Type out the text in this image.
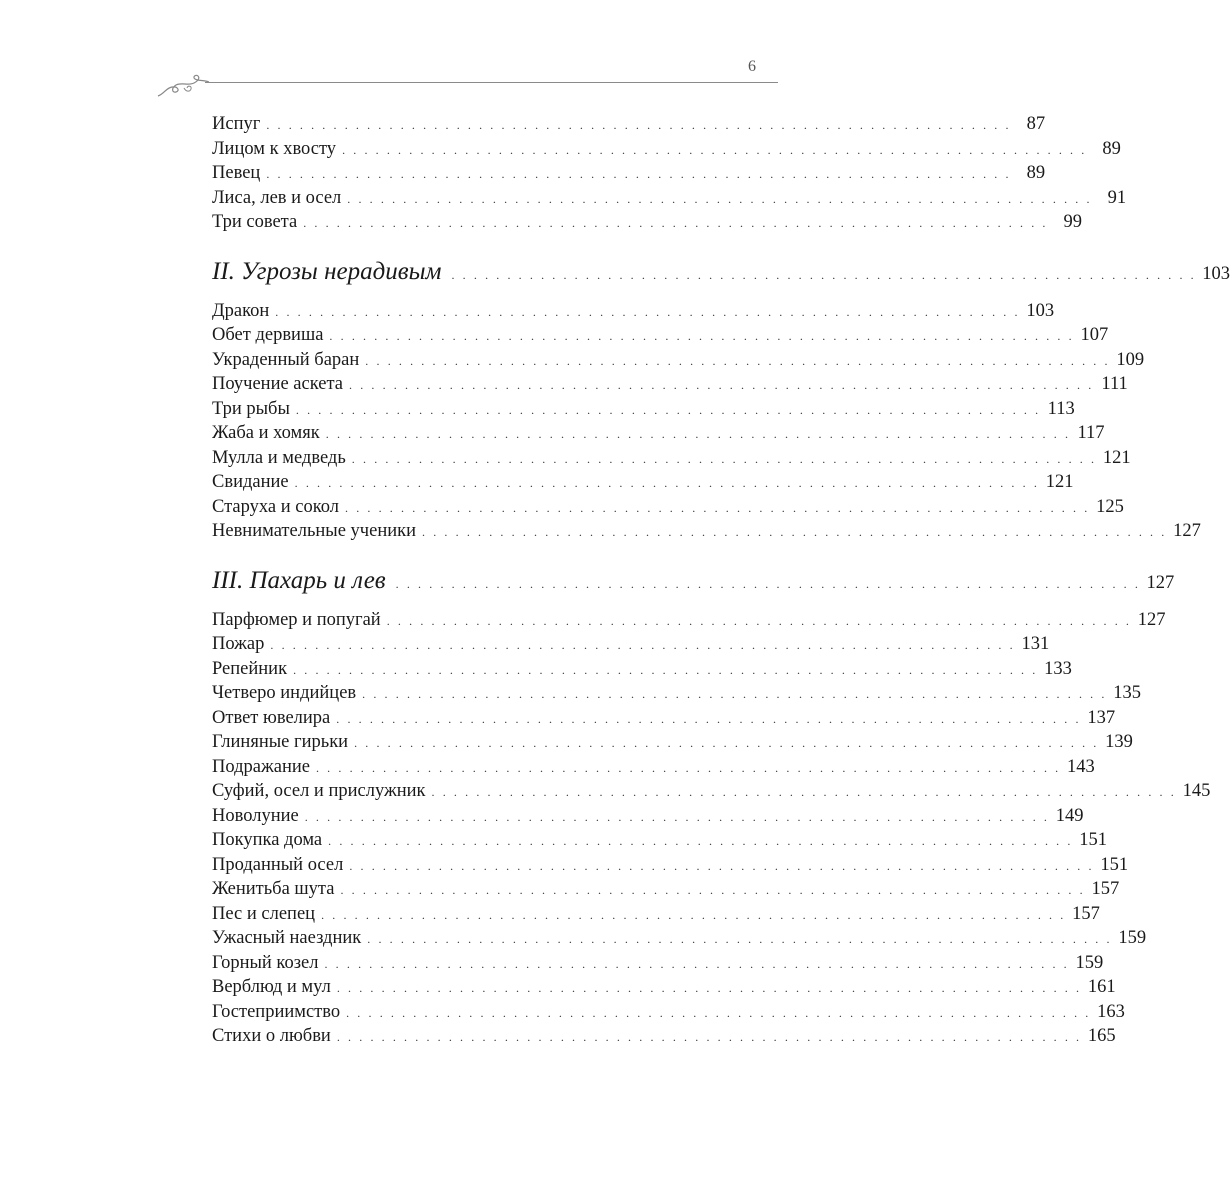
6
Испуг . . . . . . . . . . . . . . . . . . . . . . . . . . . . . . . . . . . . . . . . . . . . . . . . . . . . . . . . . . . . . . . . . . . 87
Лицом к хвосту . . . . . . . . . . . . . . . . . . . . . . . . . . . . . . . . . . . . . . . . . . . . . . . . . . . . . . . . . . . . . . . . . . . 89
Певец . . . . . . . . . . . . . . . . . . . . . . . . . . . . . . . . . . . . . . . . . . . . . . . . . . . . . . . . . . . . . . . . . . . 89
Лиса, лев и осел . . . . . . . . . . . . . . . . . . . . . . . . . . . . . . . . . . . . . . . . . . . . . . . . . . . . . . . . . . . . . . . . . . . 91
Три совета . . . . . . . . . . . . . . . . . . . . . . . . . . . . . . . . . . . . . . . . . . . . . . . . . . . . . . . . . . . . . . . . . . . 99
II. Угрозы нерадивым . . . . . . . . . . . . . . . . . . . . . . . . . . . . . . . . . . . . . . . . . . . . . . . . . . . . . . . . . . . . . . . . . . . 103
Дракон . . . . . . . . . . . . . . . . . . . . . . . . . . . . . . . . . . . . . . . . . . . . . . . . . . . . . . . . . . . . . . . . . . . 103
Обет дервиша . . . . . . . . . . . . . . . . . . . . . . . . . . . . . . . . . . . . . . . . . . . . . . . . . . . . . . . . . . . . . . . . . . . 107
Украденный баран . . . . . . . . . . . . . . . . . . . . . . . . . . . . . . . . . . . . . . . . . . . . . . . . . . . . . . . . . . . . . . . . . . . 109
Поучение аскета . . . . . . . . . . . . . . . . . . . . . . . . . . . . . . . . . . . . . . . . . . . . . . . . . . . . . . . . . . . . . . . . . . . 111
Три рыбы . . . . . . . . . . . . . . . . . . . . . . . . . . . . . . . . . . . . . . . . . . . . . . . . . . . . . . . . . . . . . . . . . . . 113
Жаба и хомяк . . . . . . . . . . . . . . . . . . . . . . . . . . . . . . . . . . . . . . . . . . . . . . . . . . . . . . . . . . . . . . . . . . . 117
Мулла и медведь . . . . . . . . . . . . . . . . . . . . . . . . . . . . . . . . . . . . . . . . . . . . . . . . . . . . . . . . . . . . . . . . . . . 121
Свидание . . . . . . . . . . . . . . . . . . . . . . . . . . . . . . . . . . . . . . . . . . . . . . . . . . . . . . . . . . . . . . . . . . . 121
Старуха и сокол . . . . . . . . . . . . . . . . . . . . . . . . . . . . . . . . . . . . . . . . . . . . . . . . . . . . . . . . . . . . . . . . . . . 125
Невнимательные ученики . . . . . . . . . . . . . . . . . . . . . . . . . . . . . . . . . . . . . . . . . . . . . . . . . . . . . . . . . . . . . . . . . . . 127
III. Пахарь и лев . . . . . . . . . . . . . . . . . . . . . . . . . . . . . . . . . . . . . . . . . . . . . . . . . . . . . . . . . . . . . . . . . . . 127
Парфюмер и попугай . . . . . . . . . . . . . . . . . . . . . . . . . . . . . . . . . . . . . . . . . . . . . . . . . . . . . . . . . . . . . . . . . . . 127
Пожар . . . . . . . . . . . . . . . . . . . . . . . . . . . . . . . . . . . . . . . . . . . . . . . . . . . . . . . . . . . . . . . . . . . 131
Репейник . . . . . . . . . . . . . . . . . . . . . . . . . . . . . . . . . . . . . . . . . . . . . . . . . . . . . . . . . . . . . . . . . . . 133
Четверо индийцев . . . . . . . . . . . . . . . . . . . . . . . . . . . . . . . . . . . . . . . . . . . . . . . . . . . . . . . . . . . . . . . . . . . 135
Ответ ювелира . . . . . . . . . . . . . . . . . . . . . . . . . . . . . . . . . . . . . . . . . . . . . . . . . . . . . . . . . . . . . . . . . . . 137
Глиняные гирьки . . . . . . . . . . . . . . . . . . . . . . . . . . . . . . . . . . . . . . . . . . . . . . . . . . . . . . . . . . . . . . . . . . . 139
Подражание . . . . . . . . . . . . . . . . . . . . . . . . . . . . . . . . . . . . . . . . . . . . . . . . . . . . . . . . . . . . . . . . . . . 143
Суфий, осел и прислужник . . . . . . . . . . . . . . . . . . . . . . . . . . . . . . . . . . . . . . . . . . . . . . . . . . . . . . . . . . . . . . . . . . . 145
Новолуние . . . . . . . . . . . . . . . . . . . . . . . . . . . . . . . . . . . . . . . . . . . . . . . . . . . . . . . . . . . . . . . . . . . 149
Покупка дома . . . . . . . . . . . . . . . . . . . . . . . . . . . . . . . . . . . . . . . . . . . . . . . . . . . . . . . . . . . . . . . . . . . 151
Проданный осел . . . . . . . . . . . . . . . . . . . . . . . . . . . . . . . . . . . . . . . . . . . . . . . . . . . . . . . . . . . . . . . . . . . 151
Женитьба шута . . . . . . . . . . . . . . . . . . . . . . . . . . . . . . . . . . . . . . . . . . . . . . . . . . . . . . . . . . . . . . . . . . . 157
Пес и слепец . . . . . . . . . . . . . . . . . . . . . . . . . . . . . . . . . . . . . . . . . . . . . . . . . . . . . . . . . . . . . . . . . . . 157
Ужасный наездник . . . . . . . . . . . . . . . . . . . . . . . . . . . . . . . . . . . . . . . . . . . . . . . . . . . . . . . . . . . . . . . . . . . 159
Горный козел . . . . . . . . . . . . . . . . . . . . . . . . . . . . . . . . . . . . . . . . . . . . . . . . . . . . . . . . . . . . . . . . . . . 159
Верблюд и мул . . . . . . . . . . . . . . . . . . . . . . . . . . . . . . . . . . . . . . . . . . . . . . . . . . . . . . . . . . . . . . . . . . . 161
Гостеприимство . . . . . . . . . . . . . . . . . . . . . . . . . . . . . . . . . . . . . . . . . . . . . . . . . . . . . . . . . . . . . . . . . . . 163
Стихи о любви . . . . . . . . . . . . . . . . . . . . . . . . . . . . . . . . . . . . . . . . . . . . . . . . . . . . . . . . . . . . . . . . . . . 165
